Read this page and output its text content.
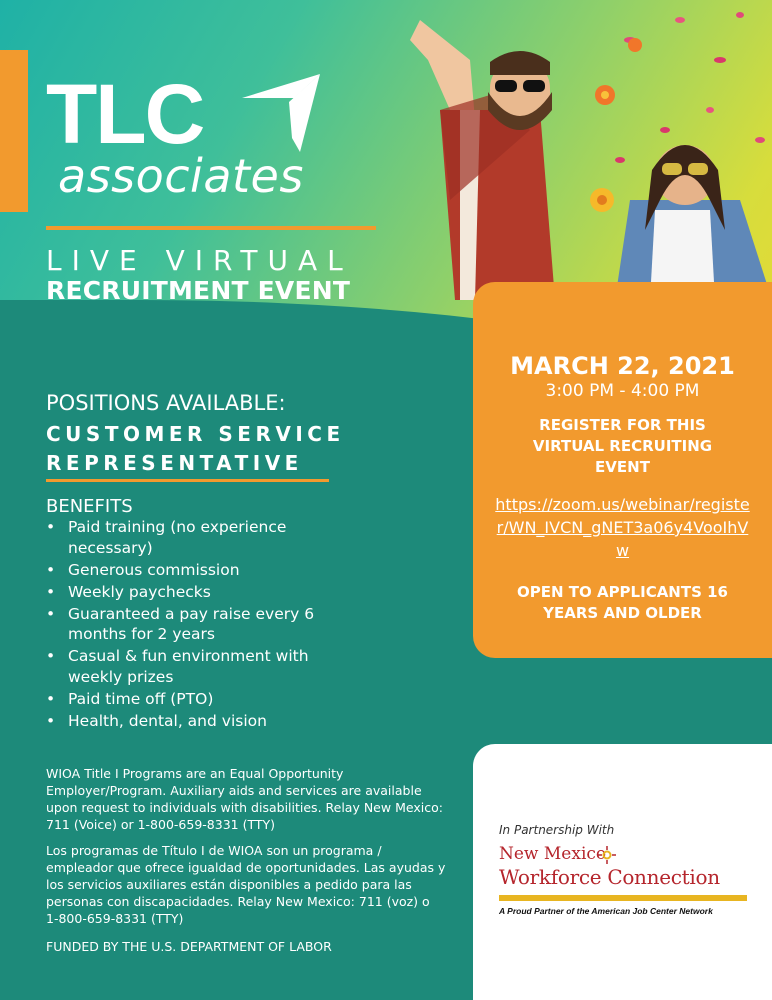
TLC
associates
LIVE VIRTUAL
RECRUITMENT EVENT
MARCH 22, 2021
3:00 PM - 4:00 PM
REGISTER FOR THIS VIRTUAL RECRUITING EVENT
https://zoom.us/webinar/register/WN_IVCN_gNET3a06y4VooIhVw
OPEN TO APPLICANTS 16 YEARS AND OLDER
POSITIONS AVAILABLE:
CUSTOMER SERVICE REPRESENTATIVE
BENEFITS
• Paid training (no experience necessary)
• Generous commission
• Weekly paychecks
• Guaranteed a pay raise every 6 months for 2 years
• Casual & fun environment with weekly prizes
• Paid time off (PTO)
• Health, dental, and vision
WIOA Title I Programs are an Equal Opportunity Employer/Program. Auxiliary aids and services are available upon request to individuals with disabilities. Relay New Mexico: 711 (Voice) or 1-800-659-8331 (TTY)
Los programas de Título I de WIOA son un programa / empleador que ofrece igualdad de oportunidades. Las ayudas y los servicios auxiliares están disponibles a pedido para las personas con discapacidades. Relay New Mexico: 711 (voz) o 1-800-659-8331 (TTY)
FUNDED BY THE U.S. DEPARTMENT OF LABOR
In Partnership With
New Mexico
Workforce Connection
A Proud Partner of the American Job Center Network
